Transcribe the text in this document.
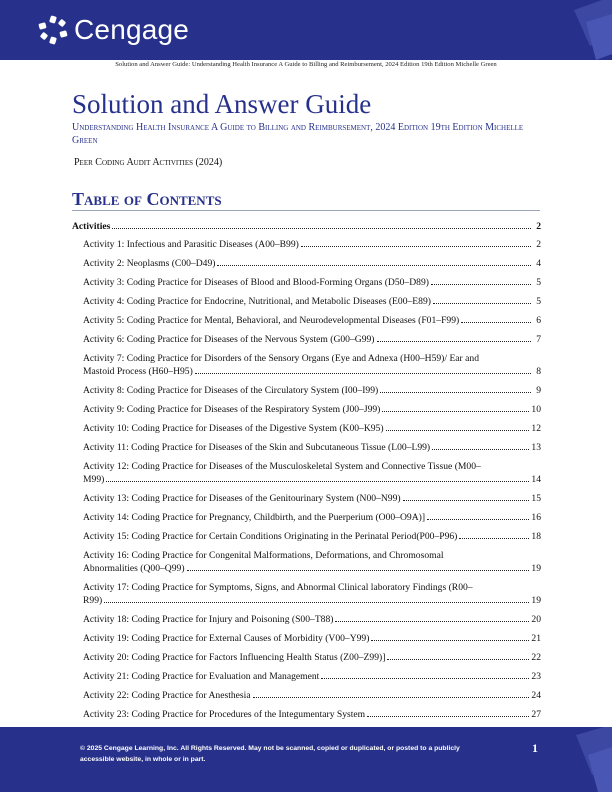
Cengage
Solution and Answer Guide: Understanding Health Insurance A Guide to Billing and Reimbursement, 2024 Edition 19th Edition Michelle Green
Solution and Answer Guide
Understanding Health Insurance A Guide to Billing and Reimbursement, 2024 Edition 19th Edition Michelle Green
Peer Coding Audit Activities (2024)
Table of Contents
Activities	2
Activity 1: Infectious and Parasitic Diseases (A00–B99)	2
Activity 2: Neoplasms (C00–D49)	4
Activity 3: Coding Practice for Diseases of Blood and Blood-Forming Organs (D50–D89)	5
Activity 4: Coding Practice for Endocrine, Nutritional, and Metabolic Diseases (E00–E89)	5
Activity 5: Coding Practice for Mental, Behavioral, and Neurodevelopmental Diseases (F01–F99)	6
Activity 6: Coding Practice for Diseases of the Nervous System (G00–G99)	7
Activity 7: Coding Practice for Disorders of the Sensory Organs (Eye and Adnexa (H00–H59)/ Ear and
Mastoid Process (H60–H95)	8
Activity 8: Coding Practice for Diseases of the Circulatory System (I00–I99)	9
Activity 9: Coding Practice for Diseases of the Respiratory System (J00–J99)	10
Activity 10: Coding Practice for Diseases of the Digestive System (K00–K95)	12
Activity 11: Coding Practice for Diseases of the Skin and Subcutaneous Tissue (L00–L99)	13
Activity 12: Coding Practice for Diseases of the Musculoskeletal System and Connective Tissue (M00–
M99)	14
Activity 13: Coding Practice for Diseases of the Genitourinary System (N00–N99)	15
Activity 14: Coding Practice for Pregnancy, Childbirth, and the Puerperium (O00–O9A)]	16
Activity 15: Coding Practice for Certain Conditions Originating in the Perinatal Period(P00–P96)	18
Activity 16: Coding Practice for Congenital Malformations, Deformations, and Chromosomal
Abnormalities (Q00–Q99)	19
Activity 17: Coding Practice for Symptoms, Signs, and Abnormal Clinical laboratory Findings (R00–
R99)	19
Activity 18: Coding Practice for Injury and Poisoning (S00–T88)	20
Activity 19: Coding Practice for External Causes of Morbidity (V00–Y99)	21
Activity 20: Coding Practice for Factors Influencing Health Status (Z00–Z99)]	22
Activity 21: Coding Practice for Evaluation and Management	23
Activity 22: Coding Practice for Anesthesia	24
Activity 23: Coding Practice for Procedures of the Integumentary System	27
© 2025 Cengage Learning, Inc. All Rights Reserved. May not be scanned, copied or duplicated, or posted to a publicly
accessible website, in whole or in part.
1
